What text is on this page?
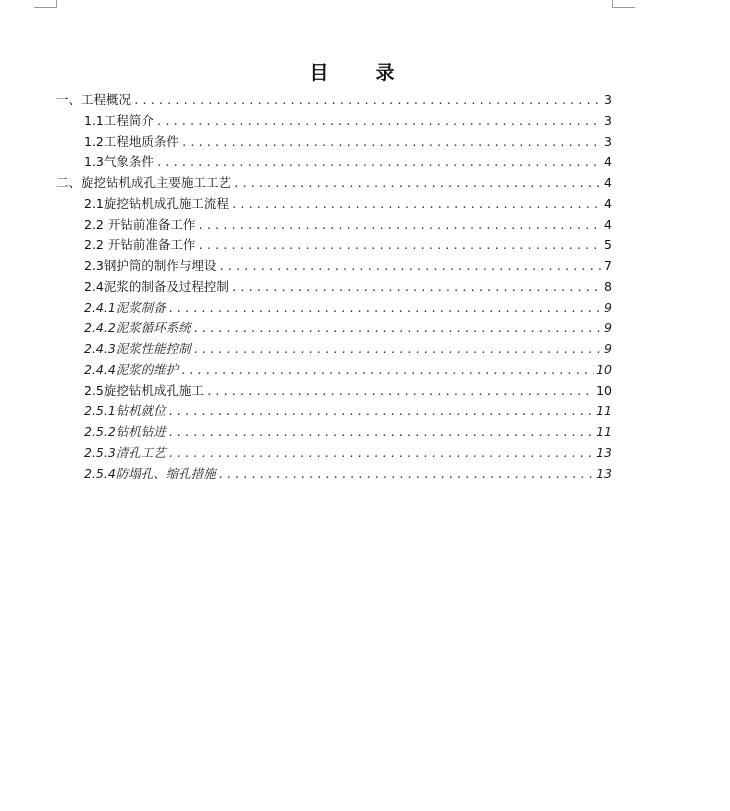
目　录
一、工程概况 .....	3
1.1工程简介 .....	3
1.2工程地质条件 .....	3
1.3气象条件 .....	4
二、旋挖钻机成孔主要施工工艺 .....	4
2.1旋挖钻机成孔施工流程 .....	4
2.2 开钻前准备工作 .....	4
2.2 开钻前准备工作 .....	5
2.3钢护筒的制作与埋设 .....	7
2.4泥浆的制备及过程控制 .....	8
2.4.1泥浆制备 .....	9
2.4.2泥浆循环系统 .....	9
2.4.3泥浆性能控制 .....	9
2.4.4泥浆的维护 .....	10
2.5旋挖钻机成孔施工 .....	10
2.5.1钻机就位 .....	11
2.5.2钻机钻进 .....	11
2.5.3清孔工艺 .....	13
2.5.4防塌孔、缩孔措施 .....	13
